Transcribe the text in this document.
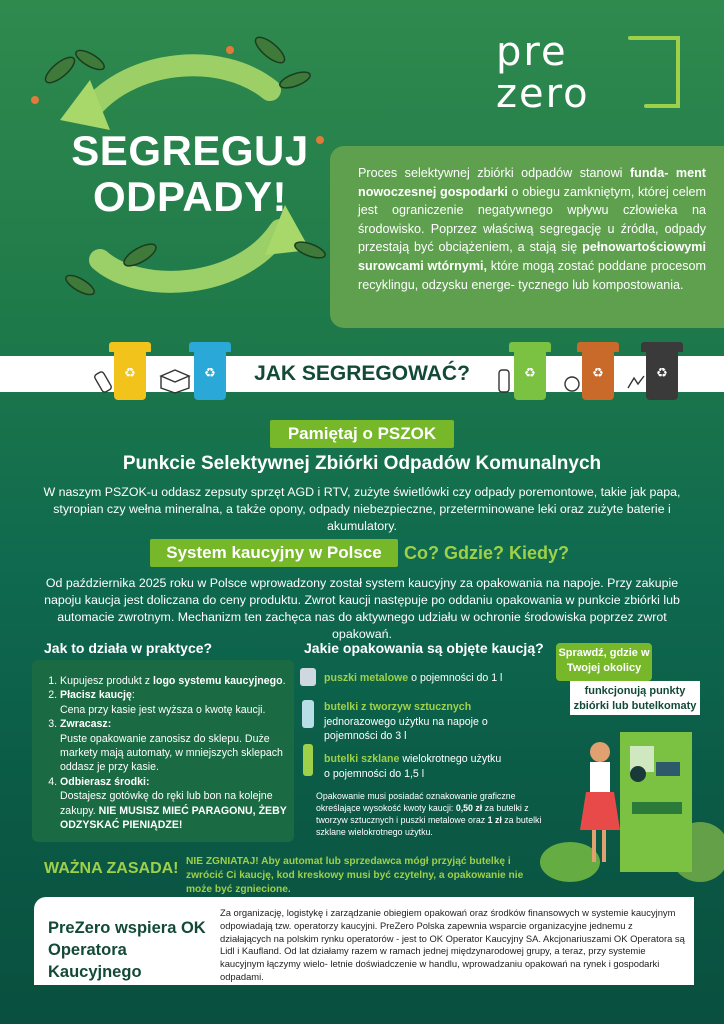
SEGREGUJ
ODPADY!
pre
zero

Proces selektywnej zbiórki odpadów stanowi funda- ment nowoczesnej gospodarki o obiegu zamkniętym, której celem jest ograniczenie negatywnego wpływu człowieka na środowisko. Poprzez właściwą segregację u źródła, odpady przestają być obciążeniem, a stają się pełnowartościowymi surowcami wtórnymi, które mogą zostać poddane procesom recyklingu, odzysku energe- tycznego lub kompostowania.

♻	♻	♻	♻	♻
JAK SEGREGOWAĆ?
Pamiętaj o PSZOK
Punkcie Selektywnej Zbiórki Odpadów Komunalnych
W naszym PSZOK-u oddasz zepsuty sprzęt AGD i RTV, zużyte świetlówki czy odpady poremontowe, takie jak papa, styropian czy wełna mineralna, a także opony, odpady niebezpieczne, przeterminowane leki oraz zużyte baterie i akumulatory.
System kaucyjny w Polsce	Co? Gdzie? Kiedy?
Od października 2025 roku w Polsce wprowadzony został system kaucyjny za opakowania na napoje. Przy zakupie napoju kaucja jest doliczana do ceny produktu. Zwrot kaucji następuje po oddaniu opakowania w punkcie zbiórki lub automacie zwrotnym. Mechanizm ten zachęca nas do aktywnego udziału w ochronie środowiska poprzez zwrot opakowań.
Jak to działa w praktyce?
1. Kupujesz produkt z logo systemu kaucyjnego.
2. Płacisz kaucję:
Cena przy kasie jest wyższa o kwotę kaucji.
3. Zwracasz:
Puste opakowanie zanosisz do sklepu. Duże markety mają automaty, w mniejszych sklepach oddasz je przy kasie.
4. Odbierasz środki:
Dostajesz gotówkę do ręki lub bon na kolejne zakupy. NIE MUSISZ MIEĆ PARAGONU, ŻEBY ODZYSKAĆ PIENIĄDZE!
Jakie opakowania są objęte kaucją?
puszki metalowe o pojemności do 1 l
butelki z tworzyw sztucznych
jednorazowego użytku na napoje o pojemności do 3 l
butelki szklane wielokrotnego użytku
o pojemności do 1,5 l
Opakowanie musi posiadać oznakowanie graficzne określające wysokość kwoty kaucji: 0,50 zł za butelki z tworzyw sztucznych i puszki metalowe oraz 1 zł za butelki szklane wielokrotnego użytku.
Sprawdź, gdzie w Twojej okolicy
funkcjonują punkty zbiórki lub butelkomaty
WAŻNA ZASADA! NIE ZGNIATAJ! Aby automat lub sprzedawca mógł przyjąć butelkę i zwrócić Ci kaucję, kod kreskowy musi być czytelny, a opakowanie nie może być zgniecione.
PreZero wspiera OK Operatora Kaucyjnego
Za organizację, logistykę i zarządzanie obiegiem opakowań oraz środków finansowych w systemie kaucyjnym odpowiadają tzw. operatorzy kaucyjni. PreZero Polska zapewnia wsparcie organizacyjne jednemu z działających na polskim rynku operatorów - jest to OK Operator Kaucyjny SA. Akcjonariuszami OK Operatora są Lidl i Kaufland. Od lat działamy razem w ramach jednej międzynarodowej grupy, a teraz, przy systemie kaucyjnym łączymy wielo- letnie doświadczenie w handlu, wprowadzaniu opakowań na rynek i gospodarki odpadami.
